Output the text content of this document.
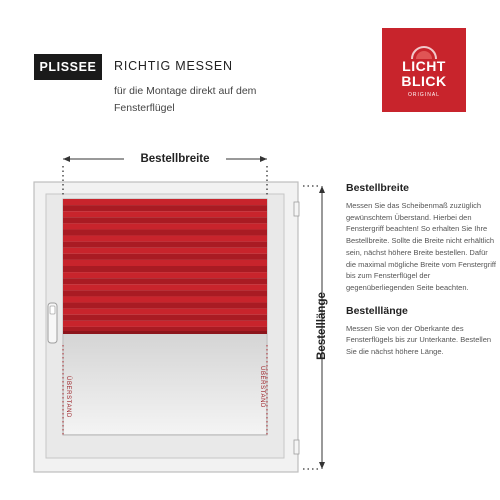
PLISSEE	RICHTIG MESSEN
für die Montage direkt auf dem Fensterflügel
LICHT
BLICK
ORIGINAL
Bestellbreite
Bestelllänge
ÜBERSTAND	ÜBERSTAND
Bestellbreite

Messen Sie das Scheibenmaß zuzüglich gewünschtem Überstand. Hierbei den Fenstergriff beachten! So erhalten Sie Ihre Bestellbreite. Sollte die Breite nicht erhältlich sein, nächst höhere Breite bestellen. Dafür die maximal mögliche Breite vom Fenstergriff bis zum Fensterflügel der gegenüberliegenden Seite beachten.

Bestelllänge

Messen Sie von der Oberkante des Fensterflügels bis zur Unterkante. Bestellen Sie die nächst höhere Länge.
